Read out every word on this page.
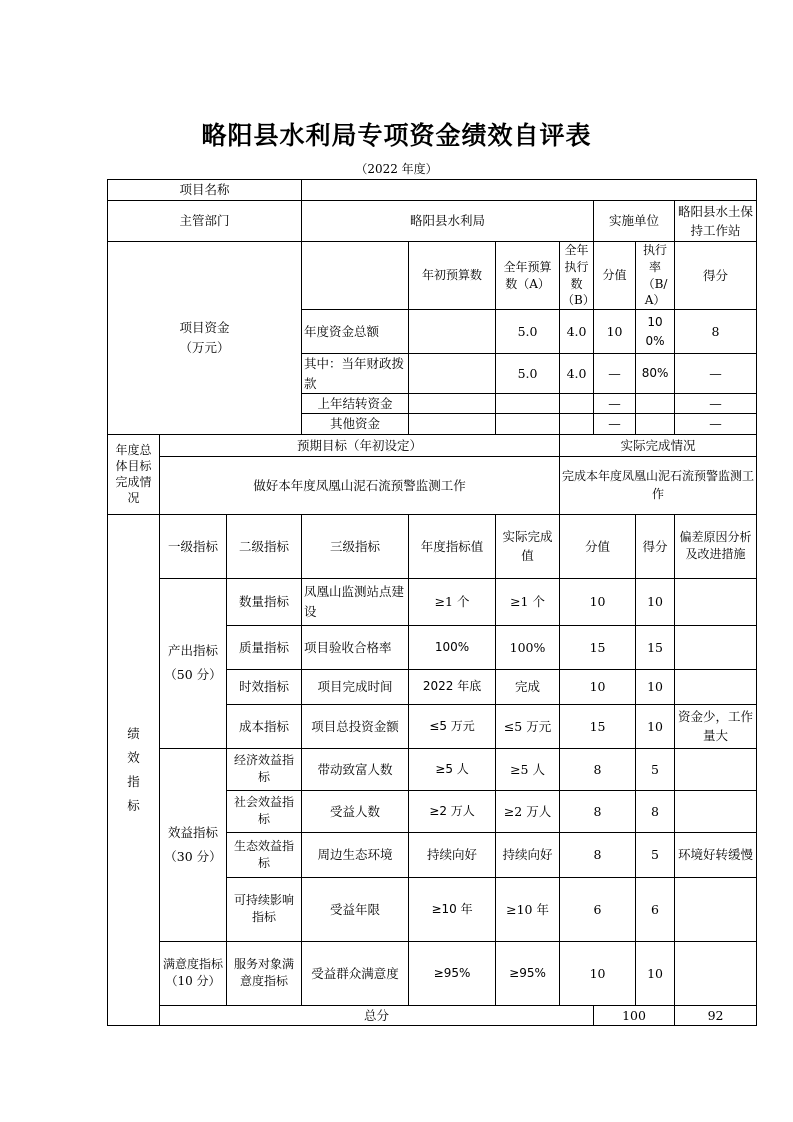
略阳县水利局专项资金绩效自评表
（2022 年度）
项目名称										
主管部门			略阳县水利局				实施单位		略阳县水土保持工作站	
项目资金
（万元）				年初预算数	全年预算数（A）	全年执行数（B）	分值	执行率（B/A）	得分	
			年度资金总额		5.0	4.0	10	100%	8	
			其中：当年财政拨款		5.0	4.0	—	80%	—	
			上年结转资金				—		—	
			其他资金				—		—	
年度总体目标完成情况	预期目标（年初设定）					实际完成情况				
	做好本年度凤凰山泥石流预警监测工作					完成本年度凤凰山泥石流预警监测工作				
绩效指标	一级指标	二级指标	三级指标	年度指标值	实际完成值	分值		得分	偏差原因分析及改进措施	
	产出指标（50 分）	数量指标	凤凰山监测站点建设	≥1 个	≥1 个	10		10		
		质量指标	项目验收合格率	100%	100%	15		15		
		时效指标	项目完成时间	2022 年底	完成	10		10		
		成本指标	项目总投资金额	≤5 万元	≤5 万元	15		10	资金少，工作量大	
	效益指标（30 分）	经济效益指标	带动致富人数	≥5 人	≥5 人	8		5		
		社会效益指标	受益人数	≥2 万人	≥2 万人	8		8		
		生态效益指标	周边生态环境	持续向好	持续向好	8		5	环境好转缓慢	
		可持续影响指标	受益年限	≥10 年	≥10 年	6		6		
	满意度指标（10 分）	服务对象满意度指标	受益群众满意度	≥95%	≥95%	10		10		
	总分						100		92	
